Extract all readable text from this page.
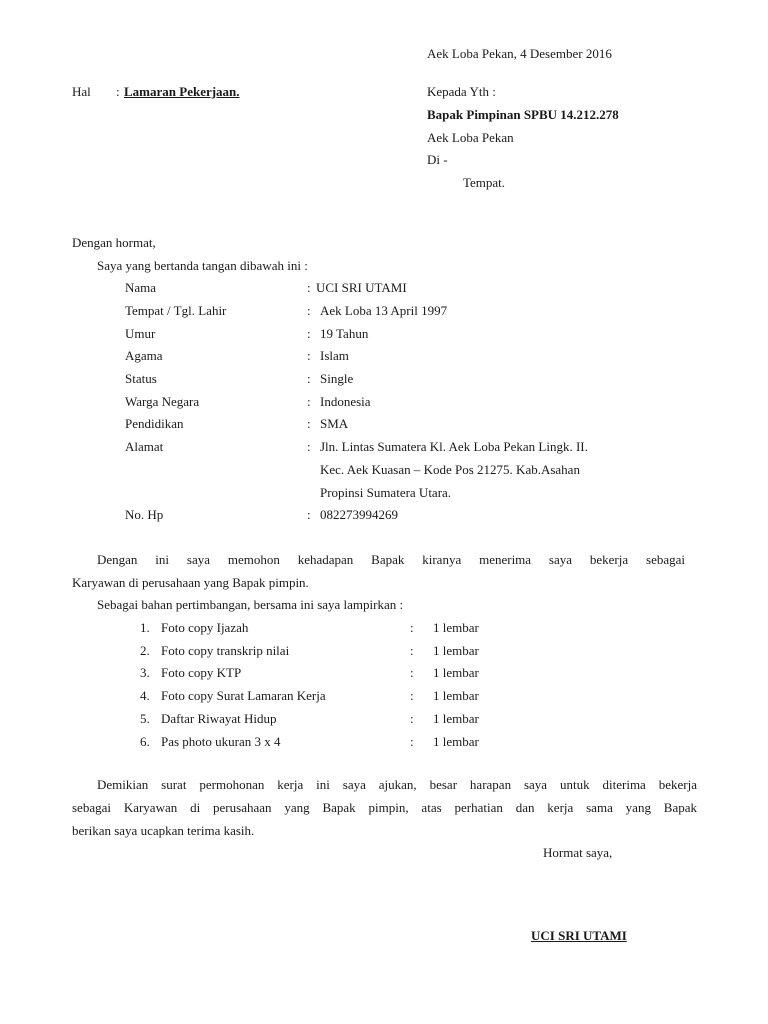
Aek Loba Pekan, 4 Desember 2016
Hal : Lamaran Pekerjaan.	Kepada Yth :
Bapak Pimpinan SPBU 14.212.278
Aek Loba Pekan
Di -
Tempat.
Dengan hormat,
Saya yang bertanda tangan dibawah ini :
Nama	: UCI SRI UTAMI
Tempat / Tgl. Lahir	: Aek Loba 13 April 1997
Umur	: 19 Tahun
Agama	: Islam
Status	: Single
Warga Negara	: Indonesia
Pendidikan	: SMA
Alamat	: Jln. Lintas Sumatera Kl. Aek Loba Pekan Lingk. II.
Kec. Aek Kuasan – Kode Pos 21275. Kab.Asahan
Propinsi Sumatera Utara.
No. Hp	: 082273994269
Dengan ini saya memohon kehadapan Bapak kiranya menerima saya bekerja sebagai
Karyawan di perusahaan yang Bapak pimpin.
Sebagai bahan pertimbangan, bersama ini saya lampirkan :
1. Foto copy Ijazah	: 1 lembar
2. Foto copy transkrip nilai	: 1 lembar
3. Foto copy KTP	: 1 lembar
4. Foto copy Surat Lamaran Kerja	: 1 lembar
5. Daftar Riwayat Hidup	: 1 lembar
6. Pas photo ukuran 3 x 4	: 1 lembar
Demikian surat permohonan kerja ini saya ajukan, besar harapan saya untuk diterima bekerja
sebagai Karyawan di perusahaan yang Bapak pimpin, atas perhatian dan kerja sama yang Bapak
berikan saya ucapkan terima kasih.
Hormat saya,
UCI SRI UTAMI
